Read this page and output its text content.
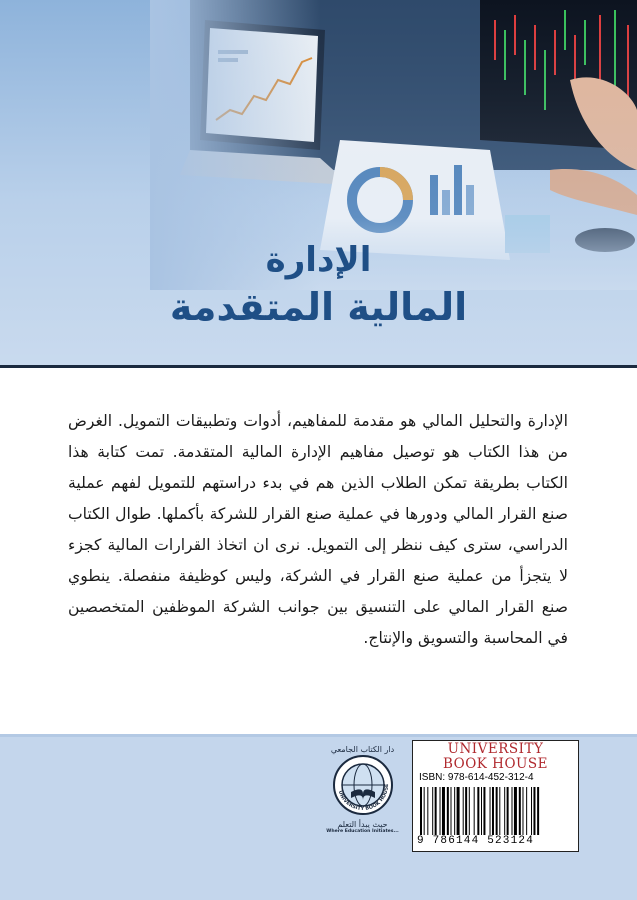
الإدارة
المالية المتقدمة

الإدارة والتحليل المالي هو مقدمة للمفاهيم، أدوات وتطبيقات التمويل. الغرض من هذا الكتاب هو توصيل مفاهيم الإدارة المالية المتقدمة. تمت كتابة هذا الكتاب بطريقة تمكن الطلاب الذين هم في بدء دراستهم للتمويل لفهم عملية صنع القرار المالي ودورها في عملية صنع القرار للشركة بأكملها. طوال الكتاب الدراسي، سترى كيف ننظر إلى التمويل. نرى ان اتخاذ القرارات المالية كجزء لا يتجزأ من عملية صنع القرار في الشركة، وليس كوظيفة منفصلة. ينطوي صنع القرار المالي على التنسيق بين جوانب الشركة الموظفين المتخصصين في المحاسبة والتسويق والإنتاج.

دار الكتاب الجامعي
UNIVERSITY BOOK HOUSE
حيث يبدأ التعلم
Where Education Initiates...
UNIVERSITY
BOOK HOUSE
ISBN: 978-614-452-312-4
9 786144 523124
